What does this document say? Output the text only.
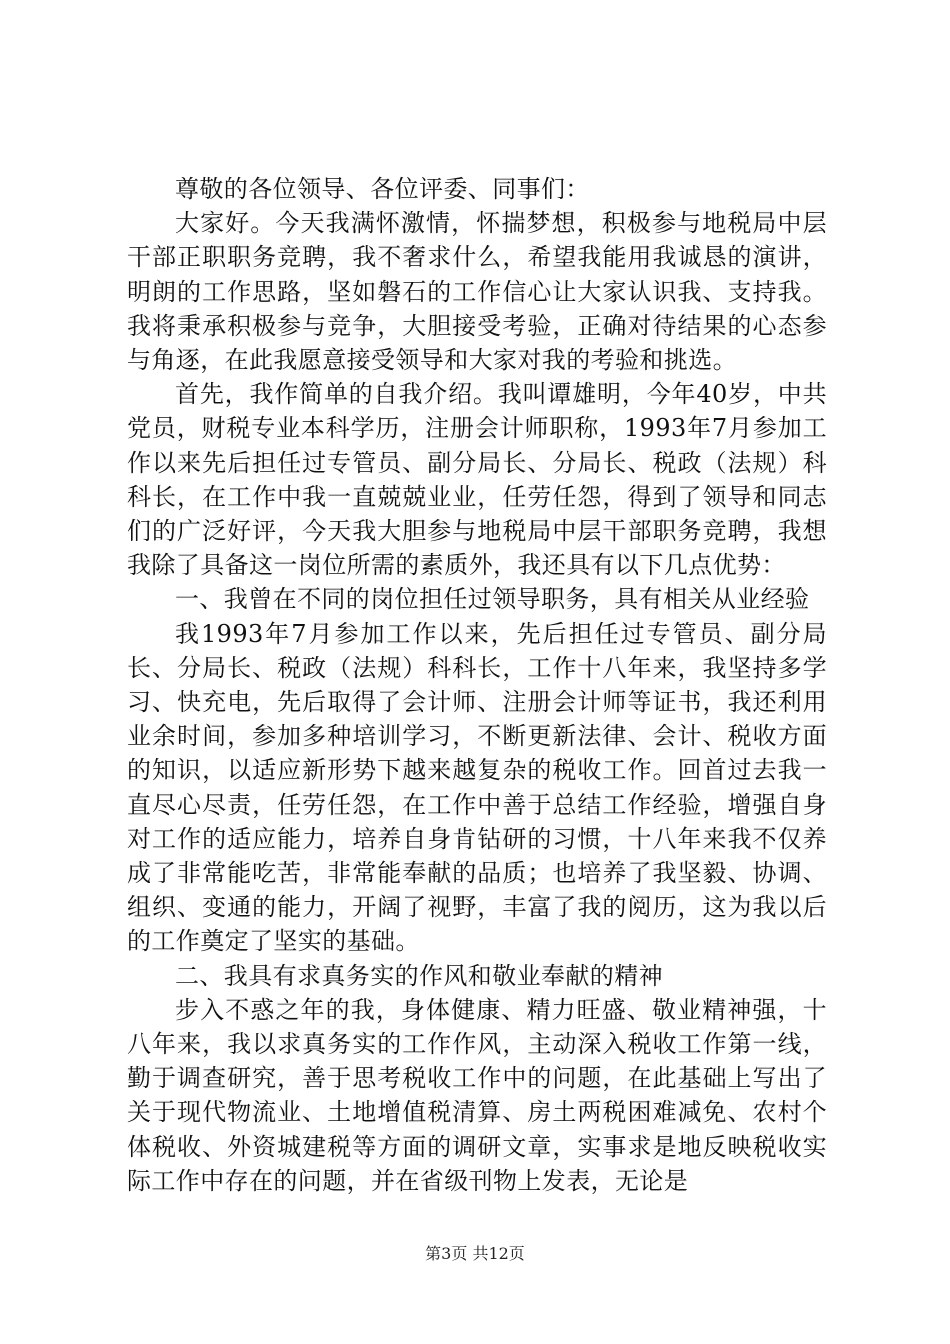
尊敬的各位领导、各位评委、同事们：

大家好。今天我满怀激情，怀揣梦想，积极参与地税局中层干部正职职务竞聘，我不奢求什么，希望我能用我诚恳的演讲，明朗的工作思路，坚如磐石的工作信心让大家认识我、支持我。我将秉承积极参与竞争，大胆接受考验，正确对待结果的心态参与角逐，在此我愿意接受领导和大家对我的考验和挑选。

首先，我作简单的自我介绍。我叫谭雄明，今年40岁，中共党员，财税专业本科学历，注册会计师职称，1993年7月参加工作以来先后担任过专管员、副分局长、分局长、税政（法规）科科长，在工作中我一直兢兢业业，任劳任怨，得到了领导和同志们的广泛好评，今天我大胆参与地税局中层干部职务竞聘，我想我除了具备这一岗位所需的素质外，我还具有以下几点优势：

一、我曾在不同的岗位担任过领导职务，具有相关从业经验

我1993年7月参加工作以来，先后担任过专管员、副分局长、分局长、税政（法规）科科长，工作十八年来，我坚持多学习、快充电，先后取得了会计师、注册会计师等证书，我还利用业余时间，参加多种培训学习，不断更新法律、会计、税收方面的知识，以适应新形势下越来越复杂的税收工作。回首过去我一直尽心尽责，任劳任怨，在工作中善于总结工作经验，增强自身对工作的适应能力，培养自身肯钻研的习惯，十八年来我不仅养成了非常能吃苦，非常能奉献的品质；也培养了我坚毅、协调、组织、变通的能力，开阔了视野，丰富了我的阅历，这为我以后的工作奠定了坚实的基础。

二、我具有求真务实的作风和敬业奉献的精神

步入不惑之年的我，身体健康、精力旺盛、敬业精神强，十八年来，我以求真务实的工作作风，主动深入税收工作第一线，勤于调查研究，善于思考税收工作中的问题，在此基础上写出了关于现代物流业、土地增值税清算、房土两税困难减免、农村个体税收、外资城建税等方面的调研文章，实事求是地反映税收实际工作中存在的问题，并在省级刊物上发表，无论是

第3页 共12页
